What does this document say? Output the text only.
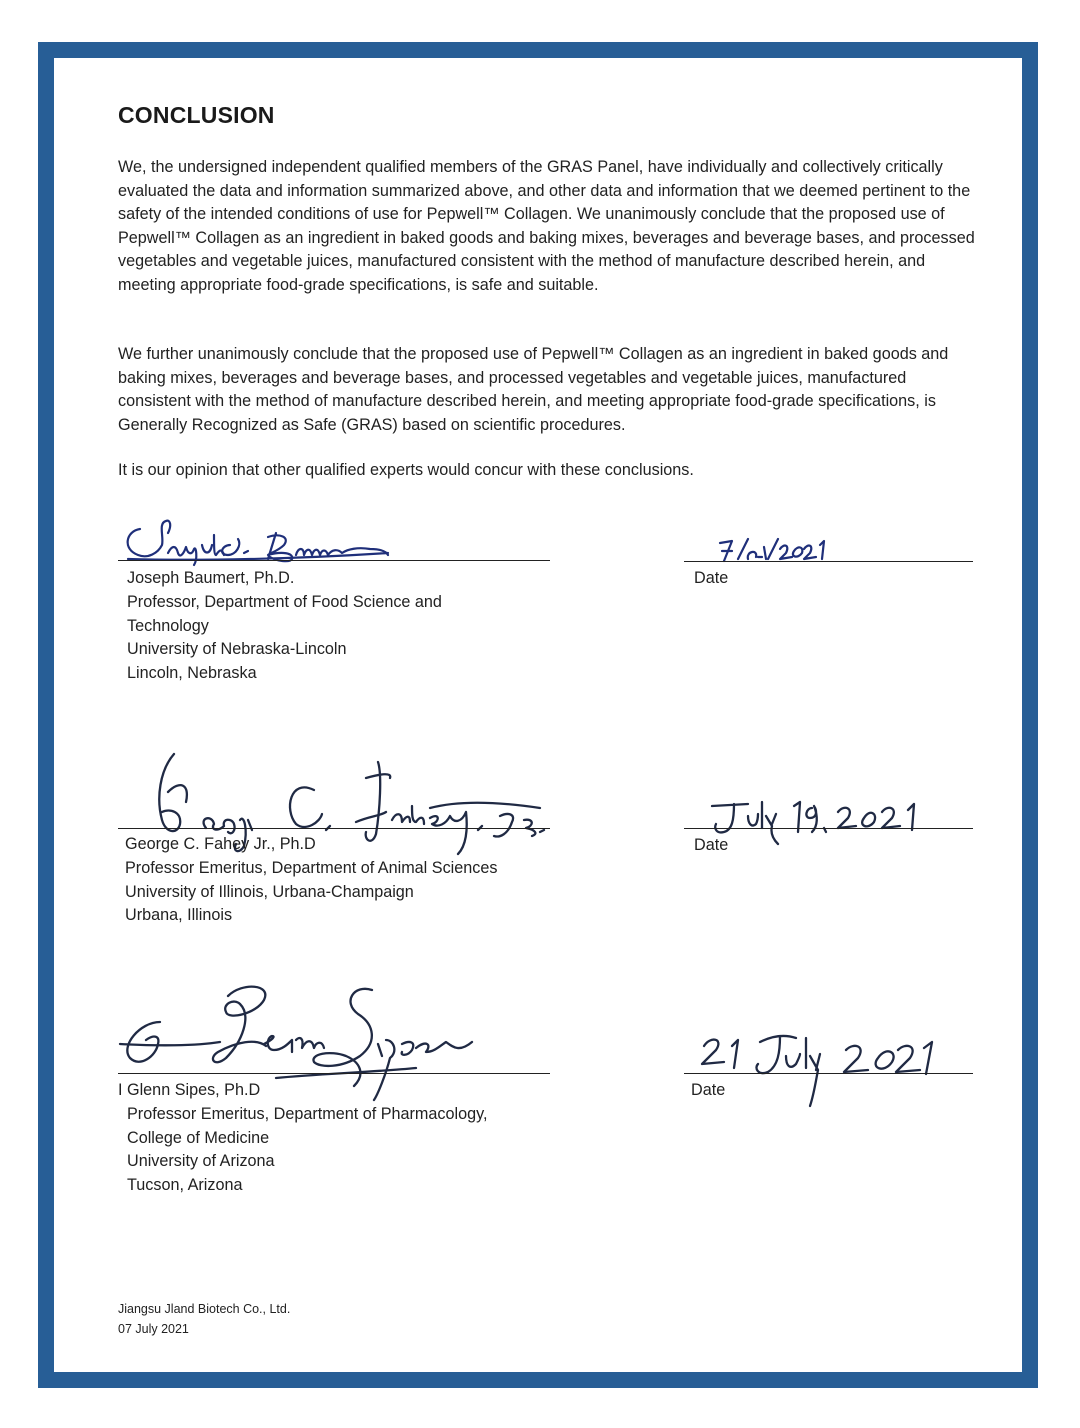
CONCLUSION
We, the undersigned independent qualified members of the GRAS Panel, have individually and collectively critically evaluated the data and information summarized above, and other data and information that we deemed pertinent to the safety of the intended conditions of use for Pepwell™ Collagen. We unanimously conclude that the proposed use of Pepwell™ Collagen as an ingredient in baked goods and baking mixes, beverages and beverage bases, and processed vegetables and vegetable juices, manufactured consistent with the method of manufacture described herein, and meeting appropriate food-grade specifications, is safe and suitable.
We further unanimously conclude that the proposed use of Pepwell™ Collagen as an ingredient in baked goods and baking mixes, beverages and beverage bases, and processed vegetables and vegetable juices, manufactured consistent with the method of manufacture described herein, and meeting appropriate food-grade specifications, is Generally Recognized as Safe (GRAS) based on scientific procedures.
It is our opinion that other qualified experts would concur with these conclusions.
Date
Joseph Baumert, Ph.D.
Professor, Department of Food Science and
Technology
University of Nebraska-Lincoln
Lincoln, Nebraska
Date
George C. Fahey Jr., Ph.D
Professor Emeritus, Department of Animal Sciences
University of Illinois, Urbana-Champaign
Urbana, Illinois
Date
I Glenn Sipes, Ph.D
Professor Emeritus, Department of Pharmacology,
College of Medicine
University of Arizona
Tucson, Arizona
Jiangsu Jland Biotech Co., Ltd.
07 July 2021
